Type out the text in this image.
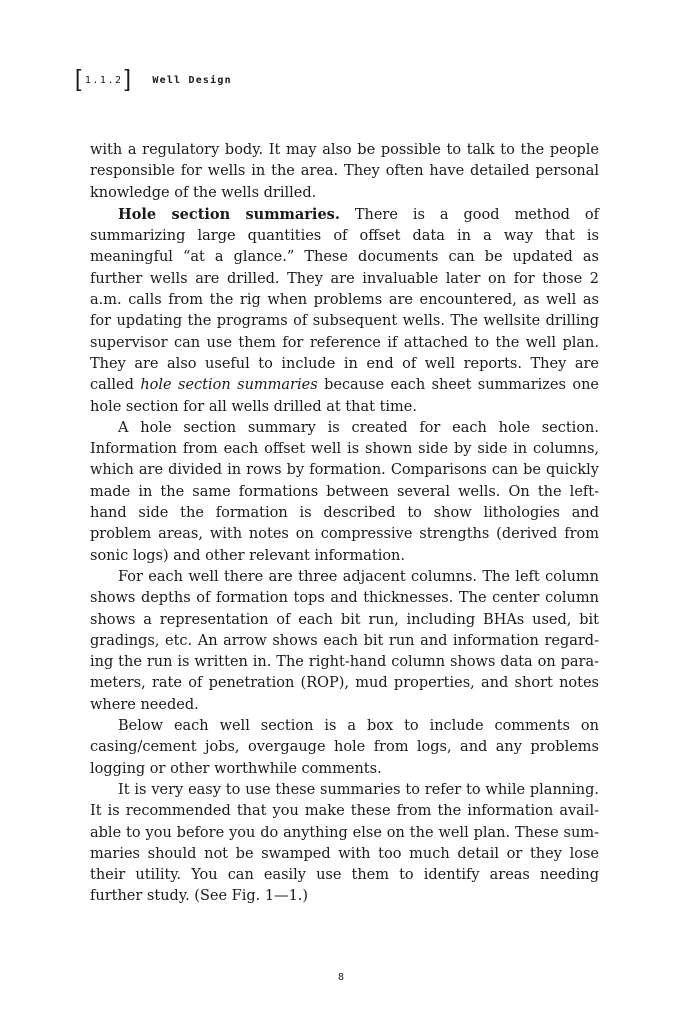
[ 1.1.2 ] Well Design

with a regulatory body. It may also be possible to talk to the people responsible for wells in the area. They often have detailed personal knowledge of the wells drilled.

Hole section summaries. There is a good method of summarizing large quantities of offset data in a way that is meaningful “at a glance.” These documents can be updated as further wells are drilled. They are invaluable later on for those 2 a.m. calls from the rig when problems are encountered, as well as for updating the programs of subsequent wells. The wellsite drilling supervisor can use them for reference if attached to the well plan. They are also useful to include in end of well reports. They are called hole section summaries because each sheet summarizes one hole section for all wells drilled at that time.

A hole section summary is created for each hole section. Information from each offset well is shown side by side in columns, which are divided in rows by formation. Comparisons can be quickly made in the same formations between several wells. On the left-hand side the formation is described to show lithologies and problem areas, with notes on compressive strengths (derived from sonic logs) and other relevant information.

For each well there are three adjacent columns. The left column shows depths of formation tops and thicknesses. The center column shows a representation of each bit run, including BHAs used, bit gradings, etc. An arrow shows each bit run and information regarding the run is written in. The right-hand column shows data on parameters, rate of penetration (ROP), mud properties, and short notes where needed.

Below each well section is a box to include comments on casing/cement jobs, overgauge hole from logs, and any problems logging or other worthwhile comments.

It is very easy to use these summaries to refer to while planning. It is recommended that you make these from the information available to you before you do anything else on the well plan. These summaries should not be swamped with too much detail or they lose their utility. You can easily use them to identify areas needing further study. (See Fig. 1—1.)

8
